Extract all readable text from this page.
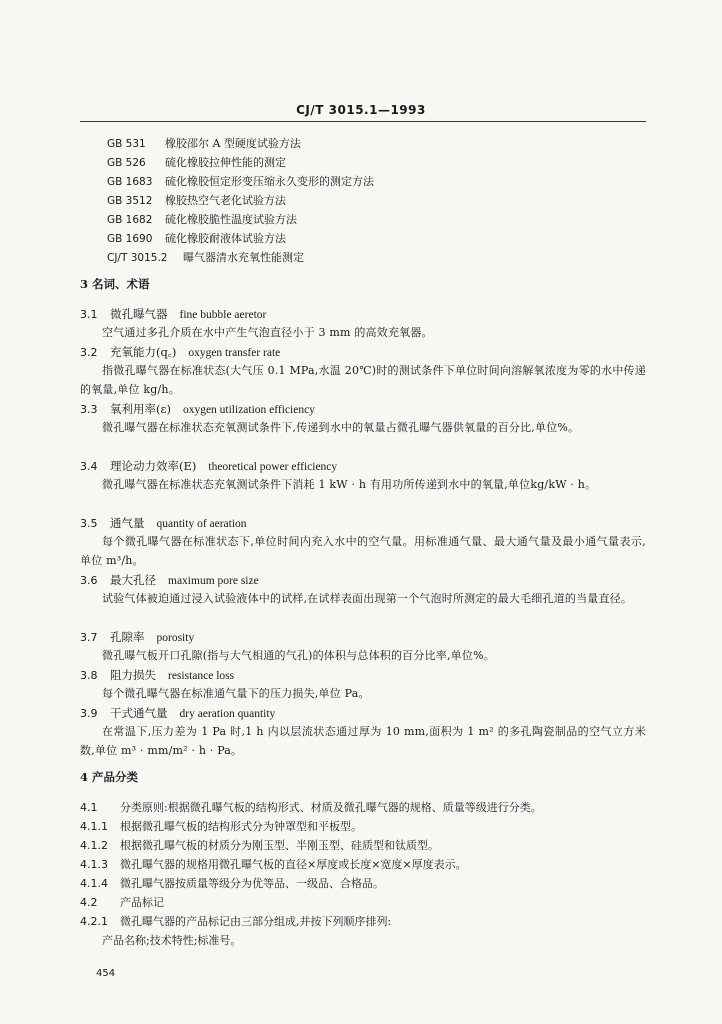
CJ/T 3015.1—1993
GB 531 橡胶邵尔 A 型硬度试验方法
GB 526 硫化橡胶拉伸性能的测定
GB 1683 硫化橡胶恒定形变压缩永久变形的测定方法
GB 3512 橡胶热空气老化试验方法
GB 1682 硫化橡胶脆性温度试验方法
GB 1690 硫化橡胶耐液体试验方法
CJ/T 3015.2 曝气器清水充氧性能测定
3 名词、术语
3.1 微孔曝气器 fine bubble aeretor
空气通过多孔介质在水中产生气泡直径小于 3 mm 的高效充氧器。
3.2 充氧能力(q꜀) oxygen transfer rate
指微孔曝气器在标准状态(大气压 0.1 MPa,水温 20℃)时的测试条件下单位时间向溶解氧浓度为零的水中传递的氧量,单位 kg/h。
3.3 氧利用率(ε) oxygen utilization efficiency
微孔曝气器在标准状态充氧测试条件下,传递到水中的氧量占微孔曝气器供氧量的百分比,单位%。
3.4 理论动力效率(E) theoretical power efficiency
微孔曝气器在标准状态充氧测试条件下消耗 1 kW · h 有用功所传递到水中的氧量,单位kg/kW · h。
3.5 通气量 quantity of aeration
每个微孔曝气器在标准状态下,单位时间内充入水中的空气量。用标准通气量、最大通气量及最小通气量表示,单位 m³/h。
3.6 最大孔径 maximum pore size
试验气体被迫通过浸入试验液体中的试样,在试样表面出现第一个气泡时所测定的最大毛细孔道的当量直径。
3.7 孔隙率 porosity
微孔曝气板开口孔隙(指与大气相通的气孔)的体积与总体积的百分比率,单位%。
3.8 阻力损失 resistance loss
每个微孔曝气器在标准通气量下的压力损失,单位 Pa。
3.9 干式通气量 dry aeration quantity
在常温下,压力差为 1 Pa 时,1 h 内以层流状态通过厚为 10 mm,面积为 1 m² 的多孔陶瓷制品的空气立方米数,单位 m³ · mm/m² · h · Pa。
4 产品分类
4.1 分类原则:根据微孔曝气板的结构形式、材质及微孔曝气器的规格、质量等级进行分类。
4.1.1 根据微孔曝气板的结构形式分为钟罩型和平板型。
4.1.2 根据微孔曝气板的材质分为刚玉型、半刚玉型、硅质型和钛质型。
4.1.3 微孔曝气器的规格用微孔曝气板的直径×厚度或长度×宽度×厚度表示。
4.1.4 微孔曝气器按质量等级分为优等品、一级品、合格品。
4.2 产品标记
4.2.1 微孔曝气器的产品标记由三部分组成,并按下列顺序排列:
产品名称;技术特性;标准号。
454
